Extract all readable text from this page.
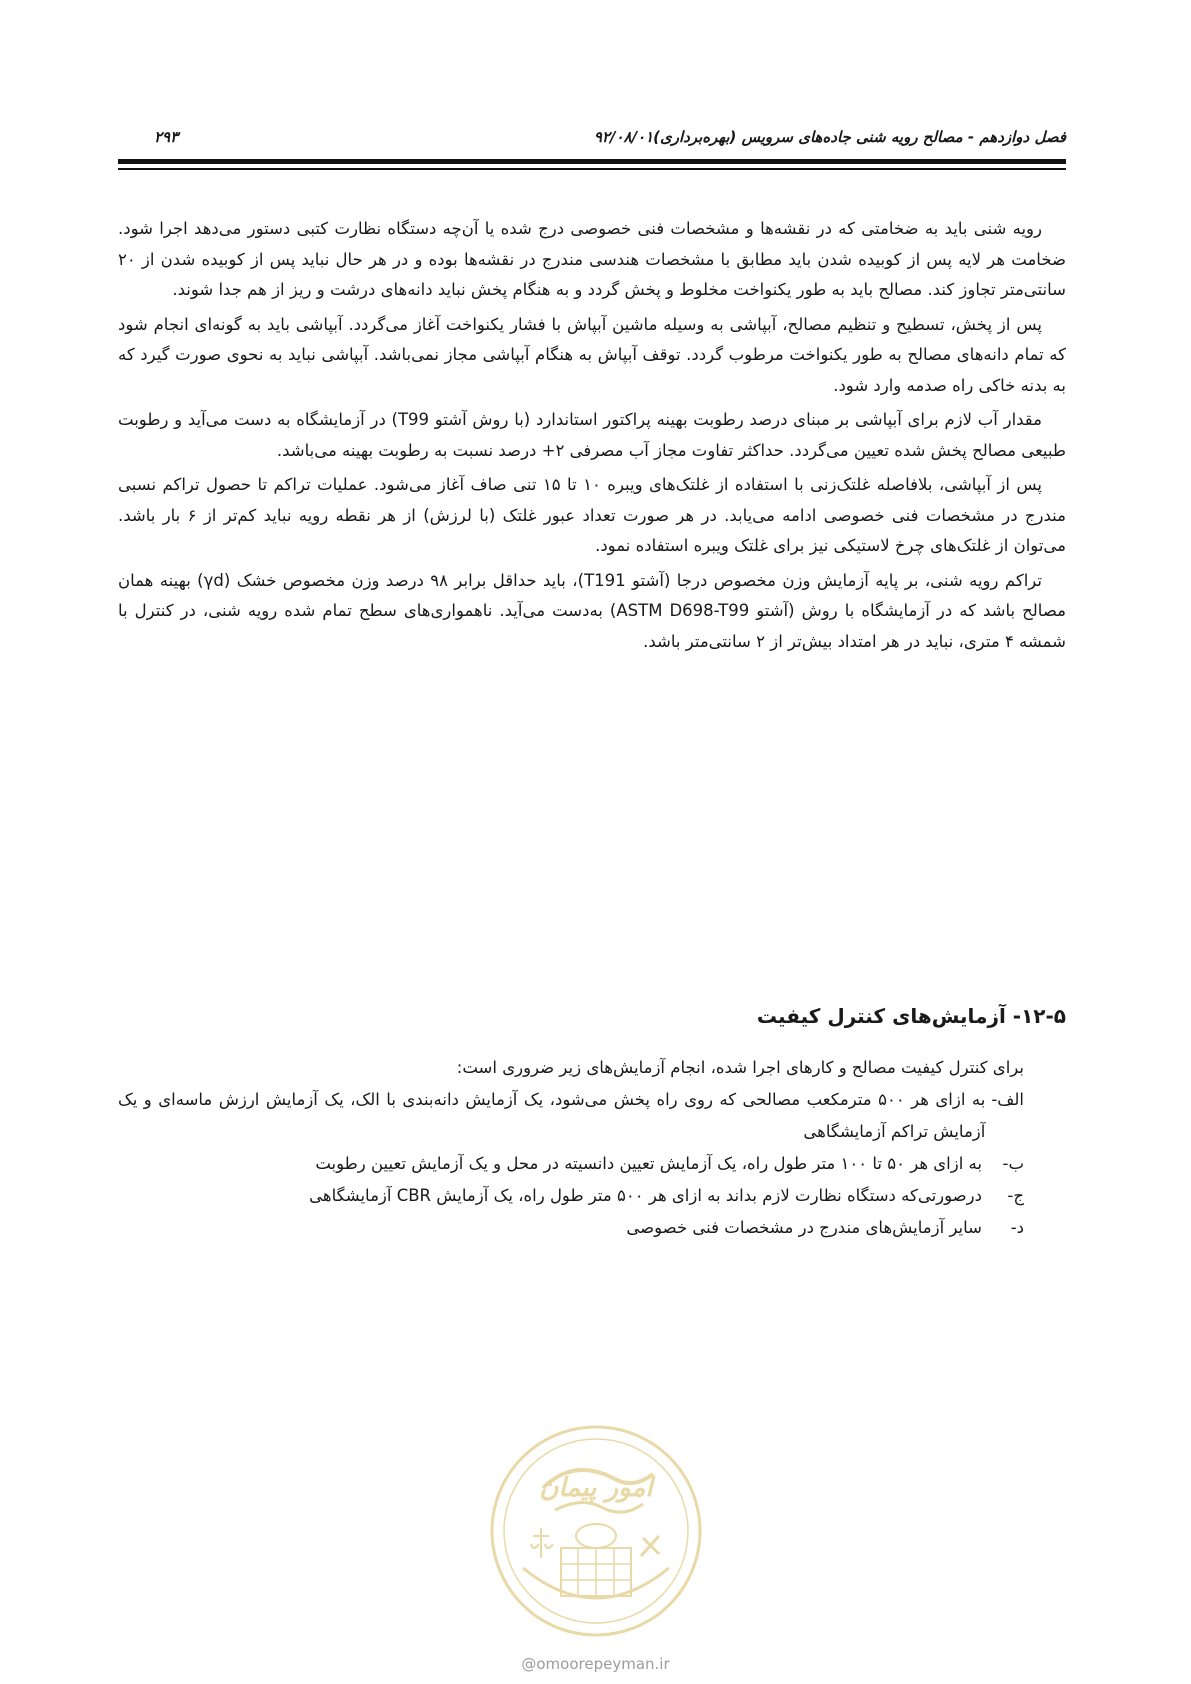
فصل دوازدهم - مصالح رویه شنی جاده‌های سرویس (بهره‌برداری)۹۲/۰۸/۰۱
۲۹۳

رویه شنی باید به ضخامتی که در نقشه‌ها و مشخصات فنی خصوصی درج شده یا آن‌چه دستگاه نظارت کتبی دستور می‌دهد اجرا شود. ضخامت هر لایه پس از کوبیده شدن باید مطابق با مشخصات هندسی مندرج در نقشه‌ها بوده و در هر حال نباید پس از کوبیده شدن از ۲۰ سانتی‌متر تجاوز کند. مصالح باید به طور یکنواخت مخلوط و پخش گردد و به هنگام پخش نباید دانه‌های درشت و ریز از هم جدا شوند.

پس از پخش، تسطیح و تنظیم مصالح، آبپاشی به وسیله ماشین آبپاش با فشار یکنواخت آغاز می‌گردد. آبپاشی باید به گونه‌ای انجام شود که تمام دانه‌های مصالح به طور یکنواخت مرطوب گردد. توقف آبپاش به هنگام آبپاشی مجاز نمی‌باشد. آبپاشی نباید به نحوی صورت گیرد که به بدنه خاکی راه صدمه وارد شود.

مقدار آب لازم برای آبپاشی بر مبنای درصد رطوبت بهینه پراکتور استاندارد (با روش آشتو T99) در آزمایشگاه به دست می‌آید و رطوبت طبیعی مصالح پخش شده تعیین می‌گردد. حداکثر تفاوت مجاز آب مصرفی ۲+ درصد نسبت به رطوبت بهینه می‌باشد.

پس از آبپاشی، بلافاصله غلتک‌زنی با استفاده از غلتک‌های ویبره ۱۰ تا ۱۵ تنی صاف آغاز می‌شود. عملیات تراکم تا حصول تراکم نسبی مندرج در مشخصات فنی خصوصی ادامه می‌یابد. در هر صورت تعداد عبور غلتک (با لرزش) از هر نقطه رویه نباید کم‌تر از ۶ بار باشد. می‌توان از غلتک‌های چرخ لاستیکی نیز برای غلتک ویبره استفاده نمود.

تراکم رویه شنی، بر پایه آزمایش وزن مخصوص درجا (آشتو T191)، باید حداقل برابر ۹۸ درصد وزن مخصوص خشک (γd) بهینه همان مصالح باشد که در آزمایشگاه با روش (آشتو ASTM D698-T99) به‌دست می‌آید. ناهمواری‌های سطح تمام شده رویه شنی، در کنترل با شمشه ۴ متری، نباید در هر امتداد بیش‌تر از ۲ سانتی‌متر باشد.

۱۲-۵- آزمایش‌های کنترل کیفیت
برای کنترل کیفیت مصالح و کارهای اجرا شده، انجام آزمایش‌های زیر ضروری است:
الف-
به ازای هر ۵۰۰ مترمکعب مصالحی که روی راه پخش می‌شود، یک آزمایش دانه‌بندی با الک، یک آزمایش ارزش ماسه‌ای و یک آزمایش تراکم آزمایشگاهی
ب-
به ازای هر ۵۰ تا ۱۰۰ متر طول راه، یک آزمایش تعیین دانسیته در محل و یک آزمایش تعیین رطوبت
ج-
درصورتی‌که دستگاه نظارت لازم بداند به ازای هر ۵۰۰ متر طول راه، یک آزمایش CBR آزمایشگاهی
د-
سایر آزمایش‌های مندرج در مشخصات فنی خصوصی
امور پیمان
@omoorepeyman.ir
